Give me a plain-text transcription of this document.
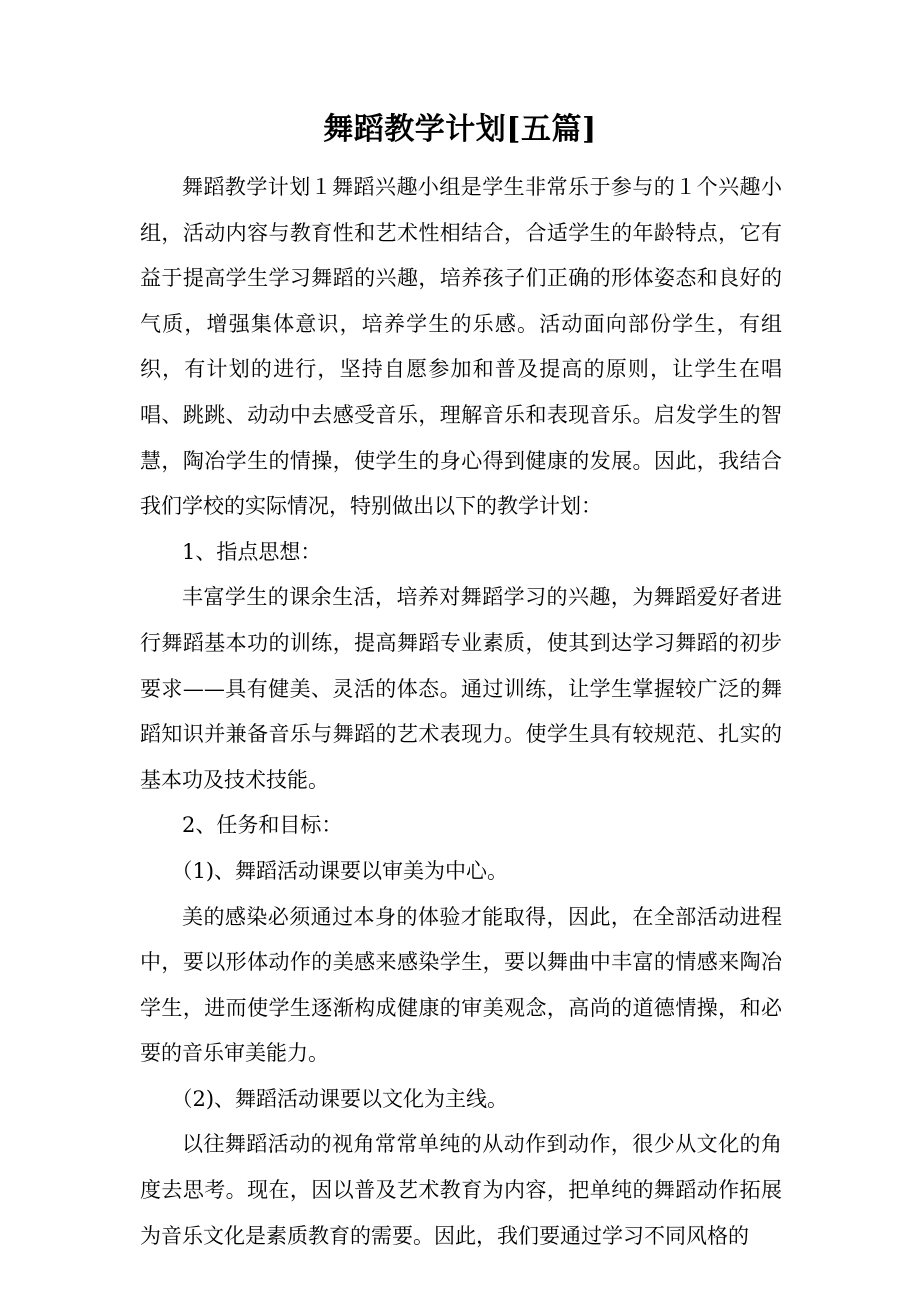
舞蹈教学计划[五篇]

舞蹈教学计划１舞蹈兴趣小组是学生非常乐于参与的１个兴趣小组，活动内容与教育性和艺术性相结合，合适学生的年龄特点，它有益于提高学生学习舞蹈的兴趣，培养孩子们正确的形体姿态和良好的气质，增强集体意识，培养学生的乐感。活动面向部份学生，有组织，有计划的进行，坚持自愿参加和普及提高的原则，让学生在唱唱、跳跳、动动中去感受音乐，理解音乐和表现音乐。启发学生的智慧，陶冶学生的情操，使学生的身心得到健康的发展。因此，我结合我们学校的实际情况，特别做出以下的教学计划：

1、指点思想：

丰富学生的课余生活，培养对舞蹈学习的兴趣，为舞蹈爱好者进行舞蹈基本功的训练，提高舞蹈专业素质，使其到达学习舞蹈的初步要求——具有健美、灵活的体态。通过训练，让学生掌握较广泛的舞蹈知识并兼备音乐与舞蹈的艺术表现力。使学生具有较规范、扎实的基本功及技术技能。

2、任务和目标：

（1)、舞蹈活动课要以审美为中心。

美的感染必须通过本身的体验才能取得，因此，在全部活动进程中，要以形体动作的美感来感染学生，要以舞曲中丰富的情感来陶冶学生，进而使学生逐渐构成健康的审美观念，高尚的道德情操，和必要的音乐审美能力。

（2)、舞蹈活动课要以文化为主线。

以往舞蹈活动的视角常常单纯的从动作到动作，很少从文化的角度去思考。现在，因以普及艺术教育为内容，把单纯的舞蹈动作拓展为音乐文化是素质教育的需要。因此，我们要通过学习不同风格的
